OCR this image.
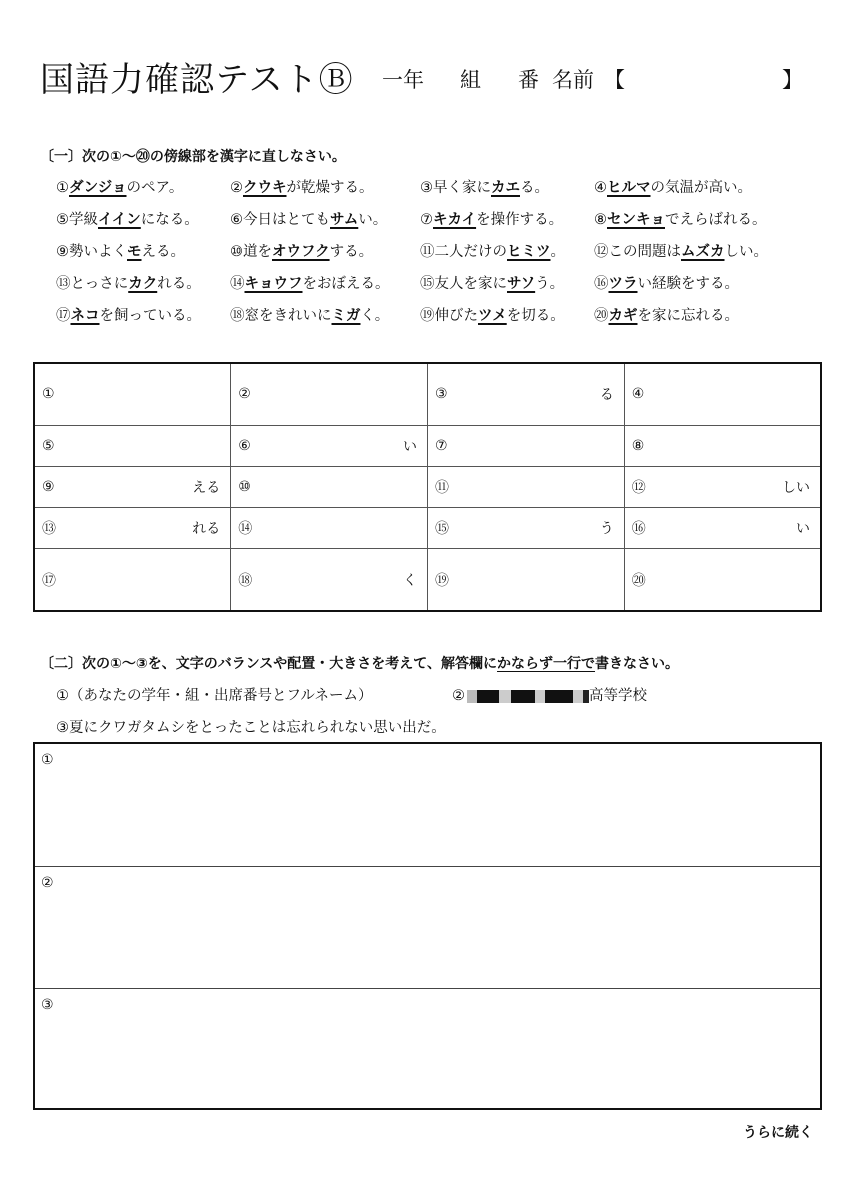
国語力確認テストⒷ 一年 組 番 名前 【	】
〔一〕次の①～⑳の傍線部を漢字に直しなさい。
①ダンジョのペア。	②クウキが乾燥する。	③早く家にカエる。	④ヒルマの気温が高い。
⑤学級イインになる。 ⑥今日はとてもサムい。 ⑦キカイを操作する。 ⑧センキョでえらばれる。
⑨勢いよくモえる。	⑩道をオウフクする。	⑪二人だけのヒミツ。 ⑫この問題はムズカしい。
⑬とっさにカクれる。 ⑭キョウフをおぼえる。 ⑮友人を家にサソう。 ⑯ツラい経験をする。
⑰ネコを飼っている。 ⑱窓をきれいにミガく。 ⑲伸びたツメを切る。 ⑳カギを家に忘れる。
①	②	③ る	④

⑤	⑥ い	⑦	⑧

⑨ える	⑩	⑪	⑫ しい

⑬ れる	⑭	⑮ う	⑯ い

⑰	⑱ く	⑲	⑳
〔二〕次の①～③を、文字のバランスや配置・大きさを考えて、解答欄にかならず一行で書きなさい。
①（あなたの学年・組・出席番号とフルネーム）	②	高等学校
③夏にクワガタムシをとったことは忘れられない思い出だ。
①
②
③
うらに続く
